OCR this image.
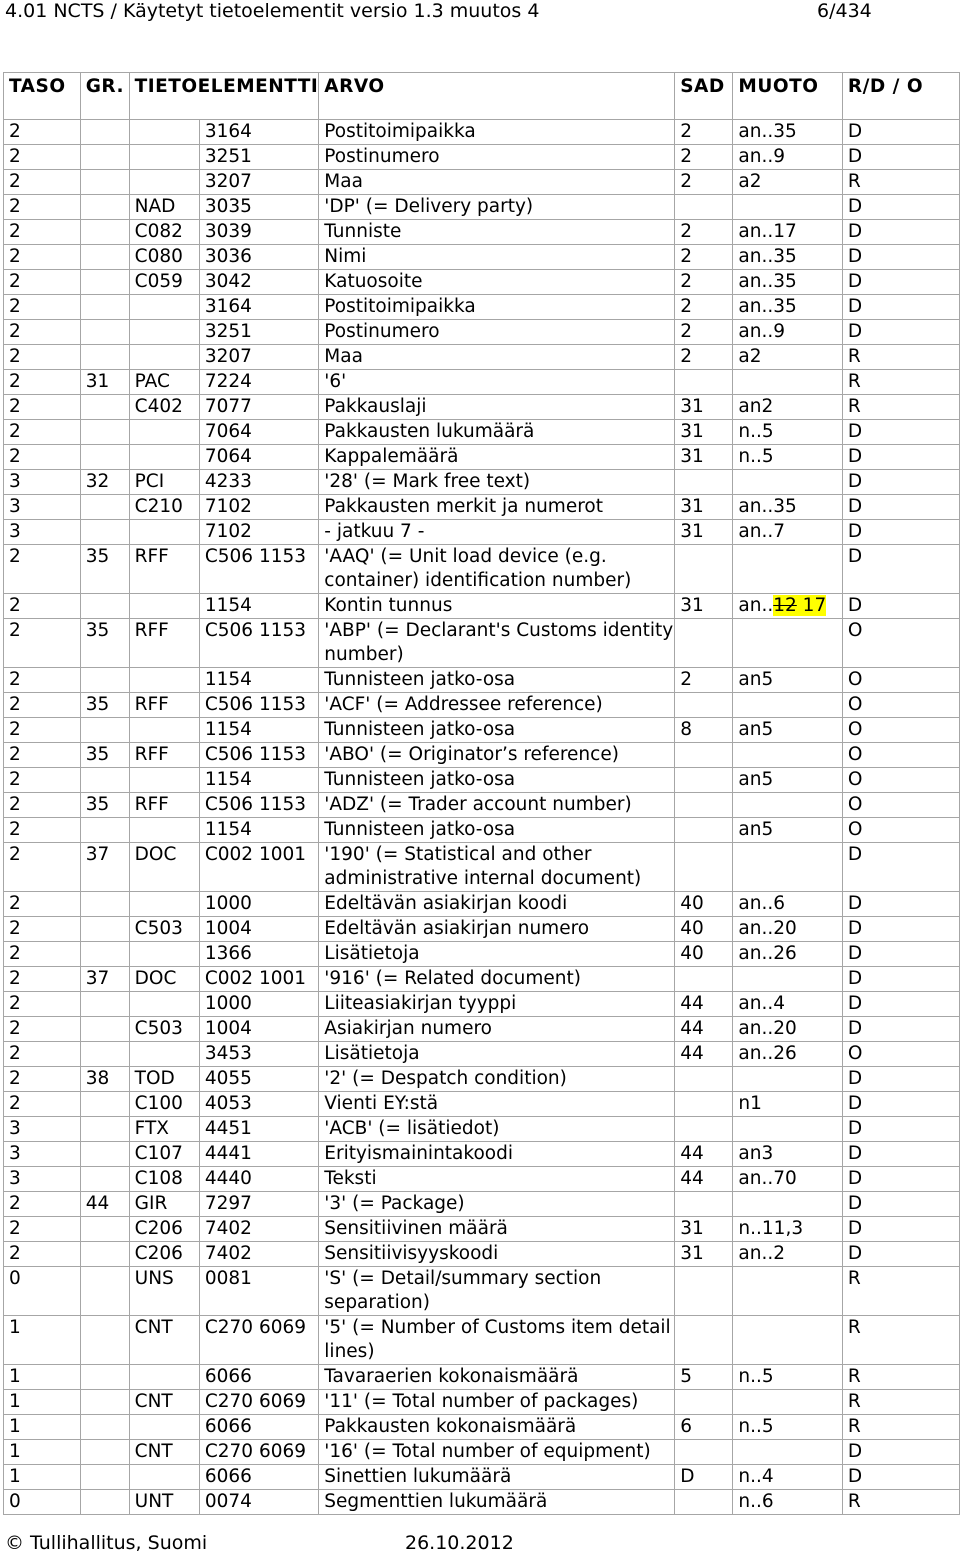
4.01 NCTS / Käytetyt tietoelementit versio 1.3 muutos 4	6/434
TASO	GR.	TIETOELEMENTTI		ARVO	SAD	MUOTO	R/D / O
2			3164	Postitoimipaikka	2	an..35	D
2			3251	Postinumero	2	an..9	D
2			3207	Maa	2	a2	R
2		NAD	3035	'DP' (= Delivery party)			D
2		C082	3039	Tunniste	2	an..17	D
2		C080	3036	Nimi	2	an..35	D
2		C059	3042	Katuosoite	2	an..35	D
2			3164	Postitoimipaikka	2	an..35	D
2			3251	Postinumero	2	an..9	D
2			3207	Maa	2	a2	R
2	31	PAC	7224	'6'			R
2		C402	7077	Pakkauslaji	31	an2	R
2			7064	Pakkausten lukumäärä	31	n..5	D
2			7064	Kappalemäärä	31	n..5	D
3	32	PCI	4233	'28' (= Mark free text)			D
3		C210	7102	Pakkausten merkit ja numerot	31	an..35	D
3			7102	- jatkuu 7 -	31	an..7	D
2	35	RFF	C506 1153	'AAQ' (= Unit load device (e.g. container) identification number)			D
2			1154	Kontin tunnus	31	an..12 17	D
2	35	RFF	C506 1153	'ABP' (= Declarant's Customs identity number)			O
2			1154	Tunnisteen jatko-osa	2	an5	O
2	35	RFF	C506 1153	'ACF' (= Addressee reference)			O
2			1154	Tunnisteen jatko-osa	8	an5	O
2	35	RFF	C506 1153	'ABO' (= Originator’s reference)			O
2			1154	Tunnisteen jatko-osa		an5	O
2	35	RFF	C506 1153	'ADZ' (= Trader account number)			O
2			1154	Tunnisteen jatko-osa		an5	O
2	37	DOC	C002 1001	'190' (= Statistical and other administrative internal document)			D
2			1000	Edeltävän asiakirjan koodi	40	an..6	D
2		C503	1004	Edeltävän asiakirjan numero	40	an..20	D
2			1366	Lisätietoja	40	an..26	D
2	37	DOC	C002 1001	'916' (= Related document)			D
2			1000	Liiteasiakirjan tyyppi	44	an..4	D
2		C503	1004	Asiakirjan numero	44	an..20	D
2			3453	Lisätietoja	44	an..26	O
2	38	TOD	4055	'2' (= Despatch condition)			D
2		C100	4053	Vienti EY:stä		n1	D
3		FTX	4451	'ACB' (= lisätiedot)			D
3		C107	4441	Erityismainintakoodi	44	an3	D
3		C108	4440	Teksti	44	an..70	D
2	44	GIR	7297	'3' (= Package)			D
2		C206	7402	Sensitiivinen määrä	31	n..11,3	D
2		C206	7402	Sensitiivisyyskoodi	31	an..2	D
0		UNS	0081	'S' (= Detail/summary section separation)			R
1		CNT	C270 6069	'5' (= Number of Customs item detail lines)			R
1			6066	Tavaraerien kokonaismäärä	5	n..5	R
1		CNT	C270 6069	'11' (= Total number of packages)			R
1			6066	Pakkausten kokonaismäärä	6	n..5	R
1		CNT	C270 6069	'16' (= Total number of equipment)			D
1			6066	Sinettien lukumäärä	D	n..4	D
0		UNT	0074	Segmenttien lukumäärä		n..6	R
© Tullihallitus, Suomi	26.10.2012
